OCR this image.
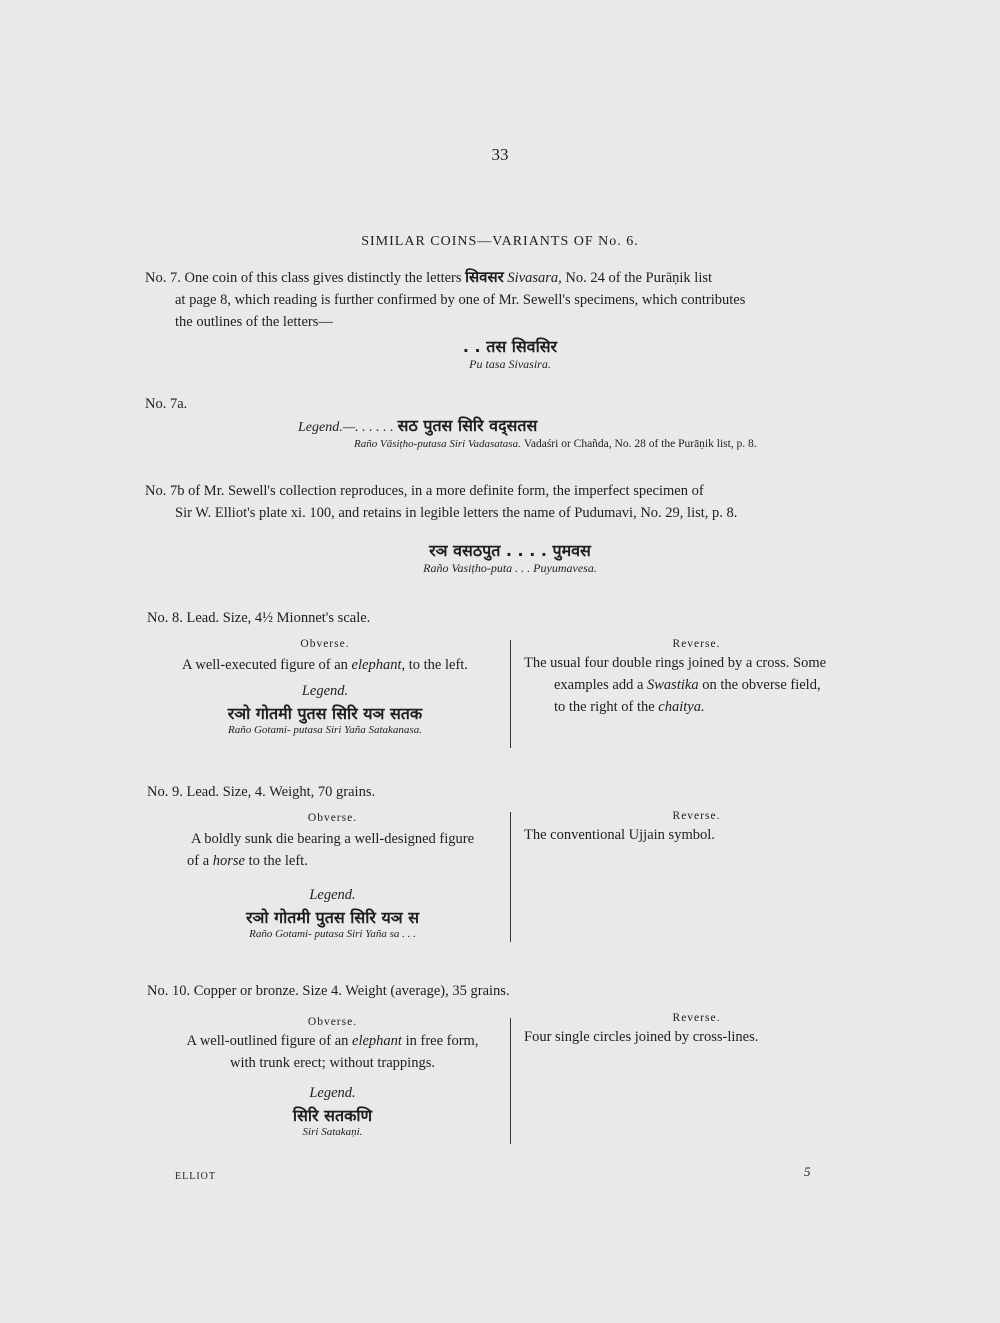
33
SIMILAR COINS—VARIANTS OF No. 6.
No. 7. One coin of this class gives distinctly the letters सिवसर Sivasara, No. 24 of the Purāṇik list
at page 8, which reading is further confirmed by one of Mr. Sewell's specimens, which contributes
the outlines of the letters—
. . तस सिवसिर
Pu tasa Sivasira.
No. 7a.
Legend.—. . . . . . सठ पुतस सिरि वद्सतस
Raño Vāsiṭho-putasa Siri Vadasatasa. Vadaśri or Chañda, No. 28 of the Purāṇik list, p. 8.
No. 7b of Mr. Sewell's collection reproduces, in a more definite form, the imperfect specimen of
Sir W. Elliot's plate xi. 100, and retains in legible letters the name of Pudumavi, No. 29, list, p. 8.
रञ वसठपुत . . . . पुमवस
Raño Vasiṭho-puta . . . Puyumavesa.
No. 8. Lead. Size, 4½ Mionnet's scale.
Obverse.
A well-executed figure of an elephant, to the left.
Legend.
रञो गोतमी पुतस सिरि यञ सतक
Raño Gotami- putasa Siri Yaña Satakanasa.
Reverse.
The usual four double rings joined by a cross. Some
examples add a Swastika on the obverse field,
to the right of the chaitya.
No. 9. Lead. Size, 4. Weight, 70 grains.
Obverse.
A boldly sunk die bearing a well-designed figure
of a horse to the left.
Legend.
रञो गोतमी पुतस सिरि यञ स
Raño Gotami- putasa Siri Yaña sa . . .
Reverse.
The conventional Ujjain symbol.
No. 10. Copper or bronze. Size 4. Weight (average), 35 grains.
Obverse.
A well-outlined figure of an elephant in free form,
with trunk erect; without trappings.
Legend.
सिरि सतकणि
Siri Satakaṇi.
Reverse.
Four single circles joined by cross-lines.
ELLIOT	5
